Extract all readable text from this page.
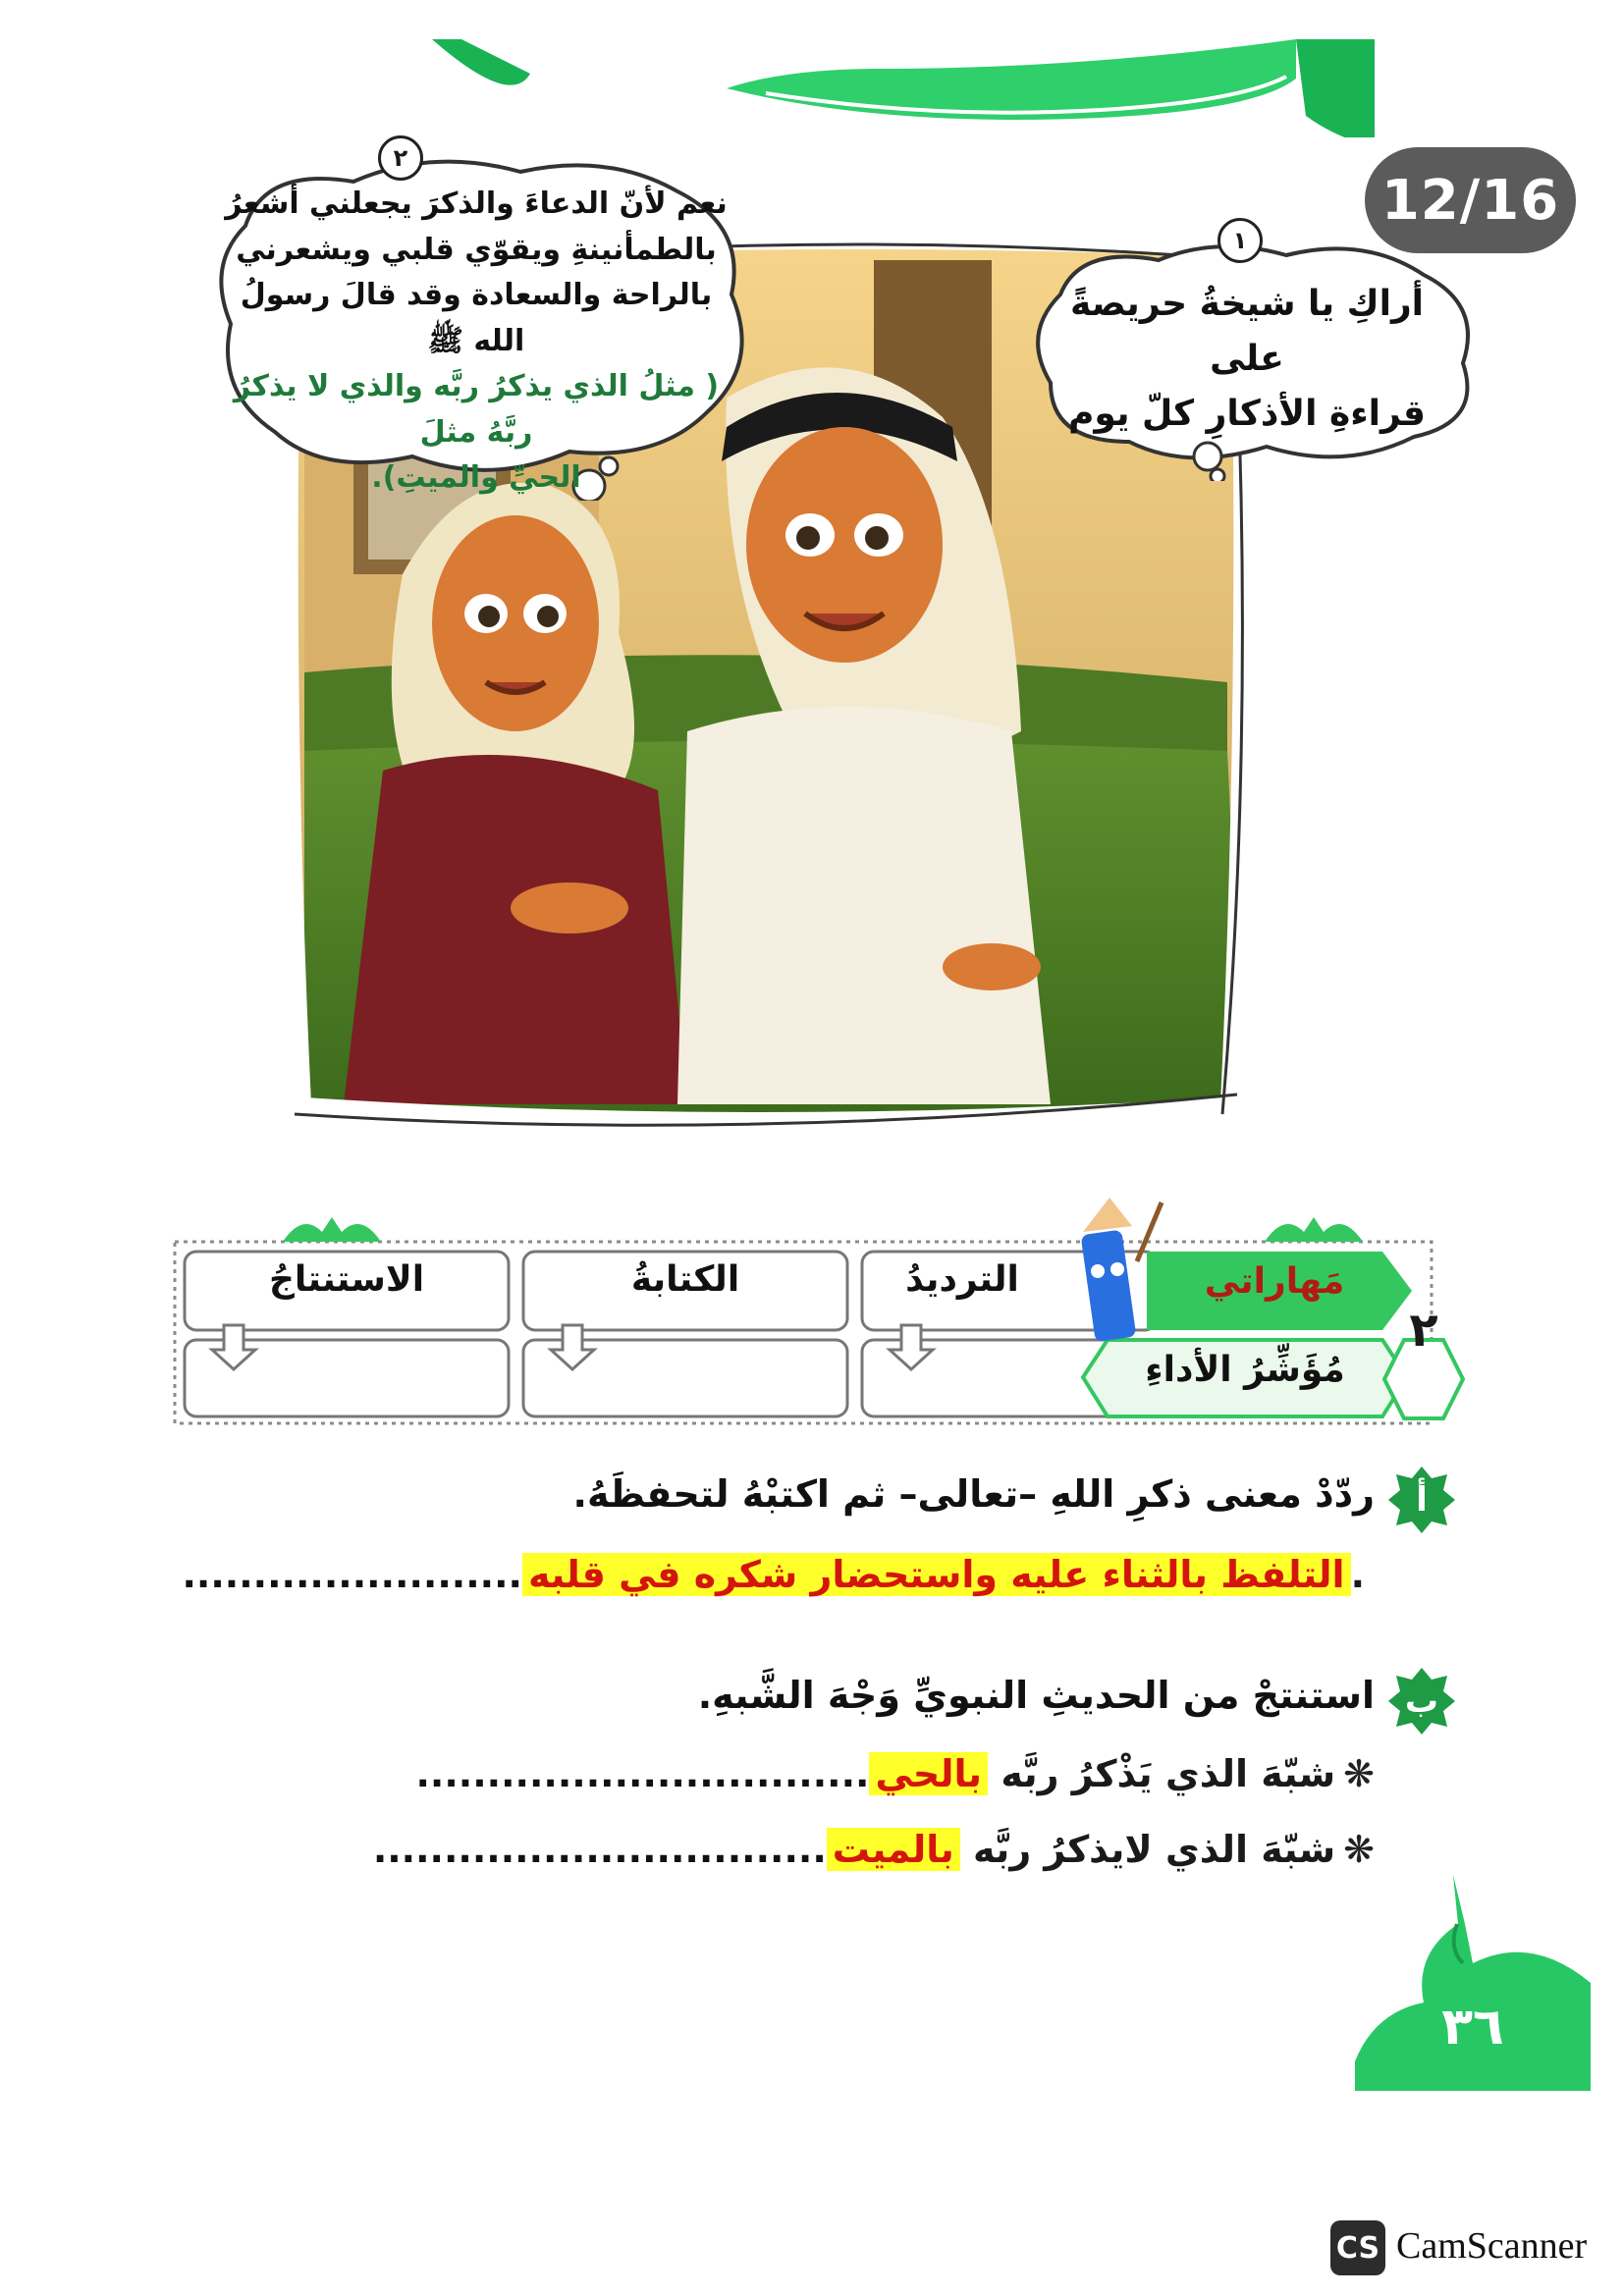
12/16
١
أراكِ يا شيخةُ حريصةً على
قراءةِ الأذكارِ كلّ يوم
٢
نعم لأنّ الدعاءَ والذكرَ يجعلني أشعرُ
بالطمأنينةِ ويقوّي قلبي ويشعرني
بالراحة والسعادة وقد قالَ رسولُ الله ﷺ
( مثلُ الذي يذكرُ ربَّه والذي لا يذكرُ ربَّهُ مثلَ
الحيِّ والميتِ).
الترديدُ
الكتابةُ
الاستنتاجُ	مَهاراتي
مُؤَشِّرُ الأداءِ
٢
أ
ردّدْ معنى ذكرِ اللهِ –تعالى– ثم اكتبْهُ لتحفظَهُ.
.التلفظ بالثناء عليه واستحضار شكره في قلبه........................
ب
استنتجْ من الحديثِ النبويِّ وَجْهَ الشَّبهِ.
❋شبّهَ الذي يَذْكرُ ربَّه بالحي................................
❋شبّهَ الذي لايذكرُ ربَّه بالميت................................
٣٦
CS CamScanner
